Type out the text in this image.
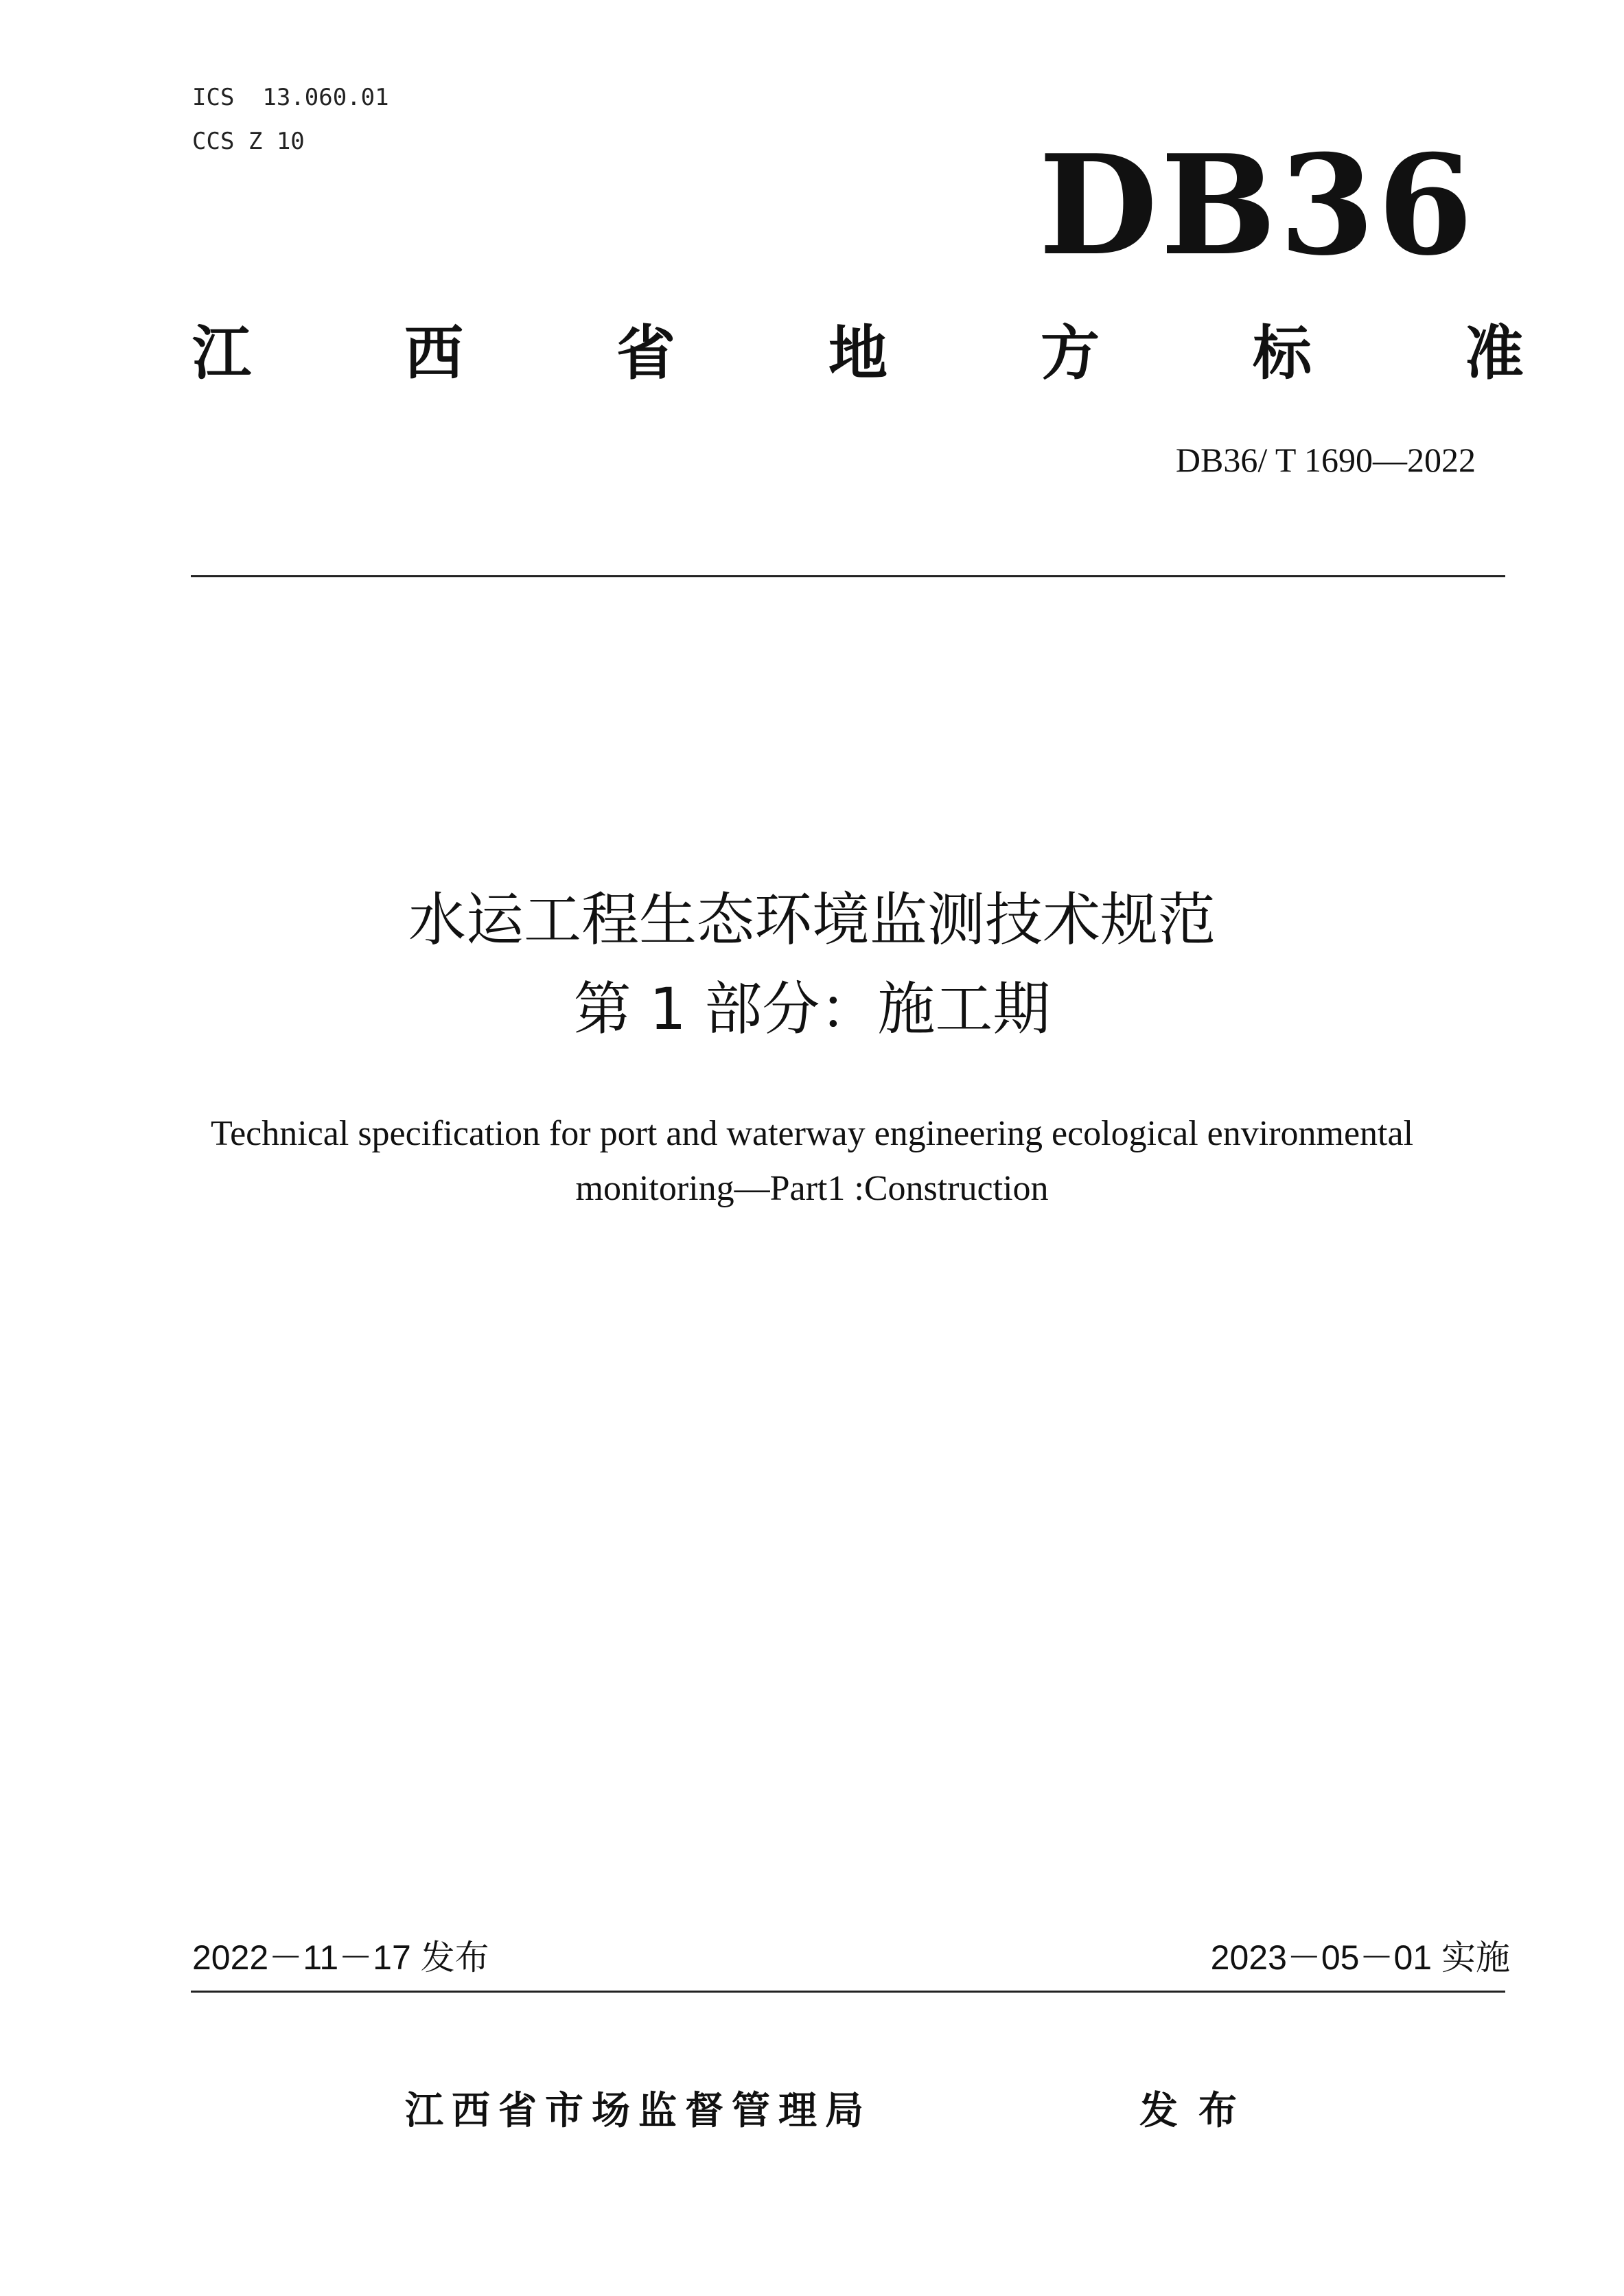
ICS  13.060.01
CCS Z 10	DB36
江	西	省	地	方	标	准
DB36/ T 1690—2022
水运工程生态环境监测技术规范
第 1 部分：施工期
Technical specification for port and waterway engineering ecological environmental
monitoring—Part1 :Construction
2022－11－17 发布	2023－05－01 实施
江西省市场监督管理局	发布
